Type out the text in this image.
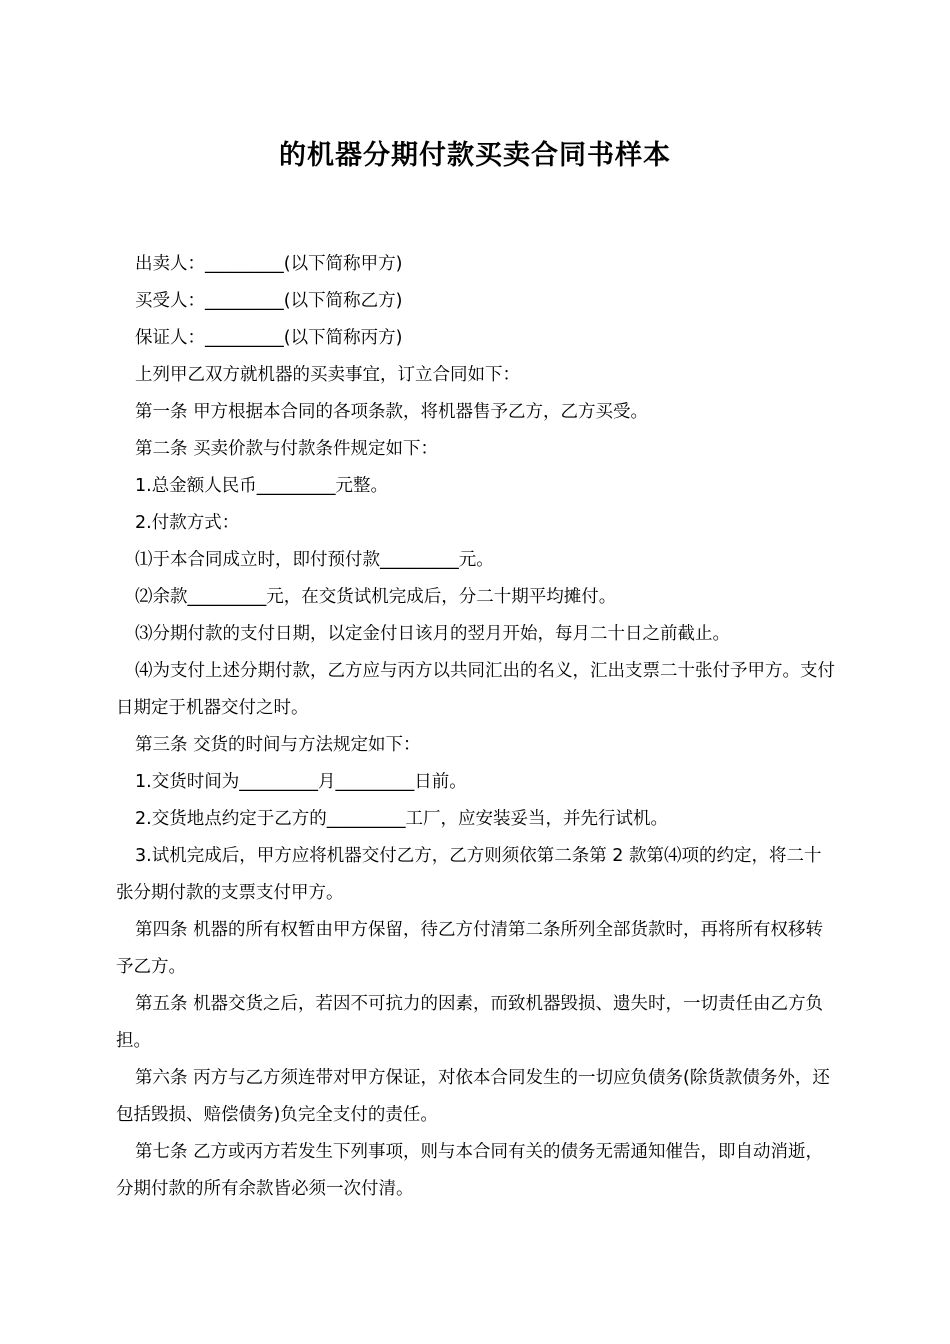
的机器分期付款买卖合同书样本

出卖人：_________(以下简称甲方)

买受人：_________(以下简称乙方)

保证人：_________(以下简称丙方)

上列甲乙双方就机器的买卖事宜，订立合同如下：

第一条 甲方根据本合同的各项条款，将机器售予乙方，乙方买受。

第二条 买卖价款与付款条件规定如下：

1.总金额人民币_________元整。

2.付款方式：

⑴于本合同成立时，即付预付款_________元。

⑵余款_________元，在交货试机完成后，分二十期平均摊付。

⑶分期付款的支付日期，以定金付日该月的翌月开始，每月二十日之前截止。

⑷为支付上述分期付款，乙方应与丙方以共同汇出的名义，汇出支票二十张付予甲方。支付日期定于机器交付之时。

第三条 交货的时间与方法规定如下：

1.交货时间为_________月_________日前。

2.交货地点约定于乙方的_________工厂，应安装妥当，并先行试机。

3.试机完成后，甲方应将机器交付乙方，乙方则须依第二条第 2 款第⑷项的约定，将二十张分期付款的支票支付甲方。

第四条 机器的所有权暂由甲方保留，待乙方付清第二条所列全部货款时，再将所有权移转予乙方。

第五条 机器交货之后，若因不可抗力的因素，而致机器毁损、遗失时，一切责任由乙方负担。

第六条 丙方与乙方须连带对甲方保证，对依本合同发生的一切应负债务(除货款债务外，还包括毁损、赔偿债务)负完全支付的责任。

第七条 乙方或丙方若发生下列事项，则与本合同有关的债务无需通知催告，即自动消逝，分期付款的所有余款皆必须一次付清。
